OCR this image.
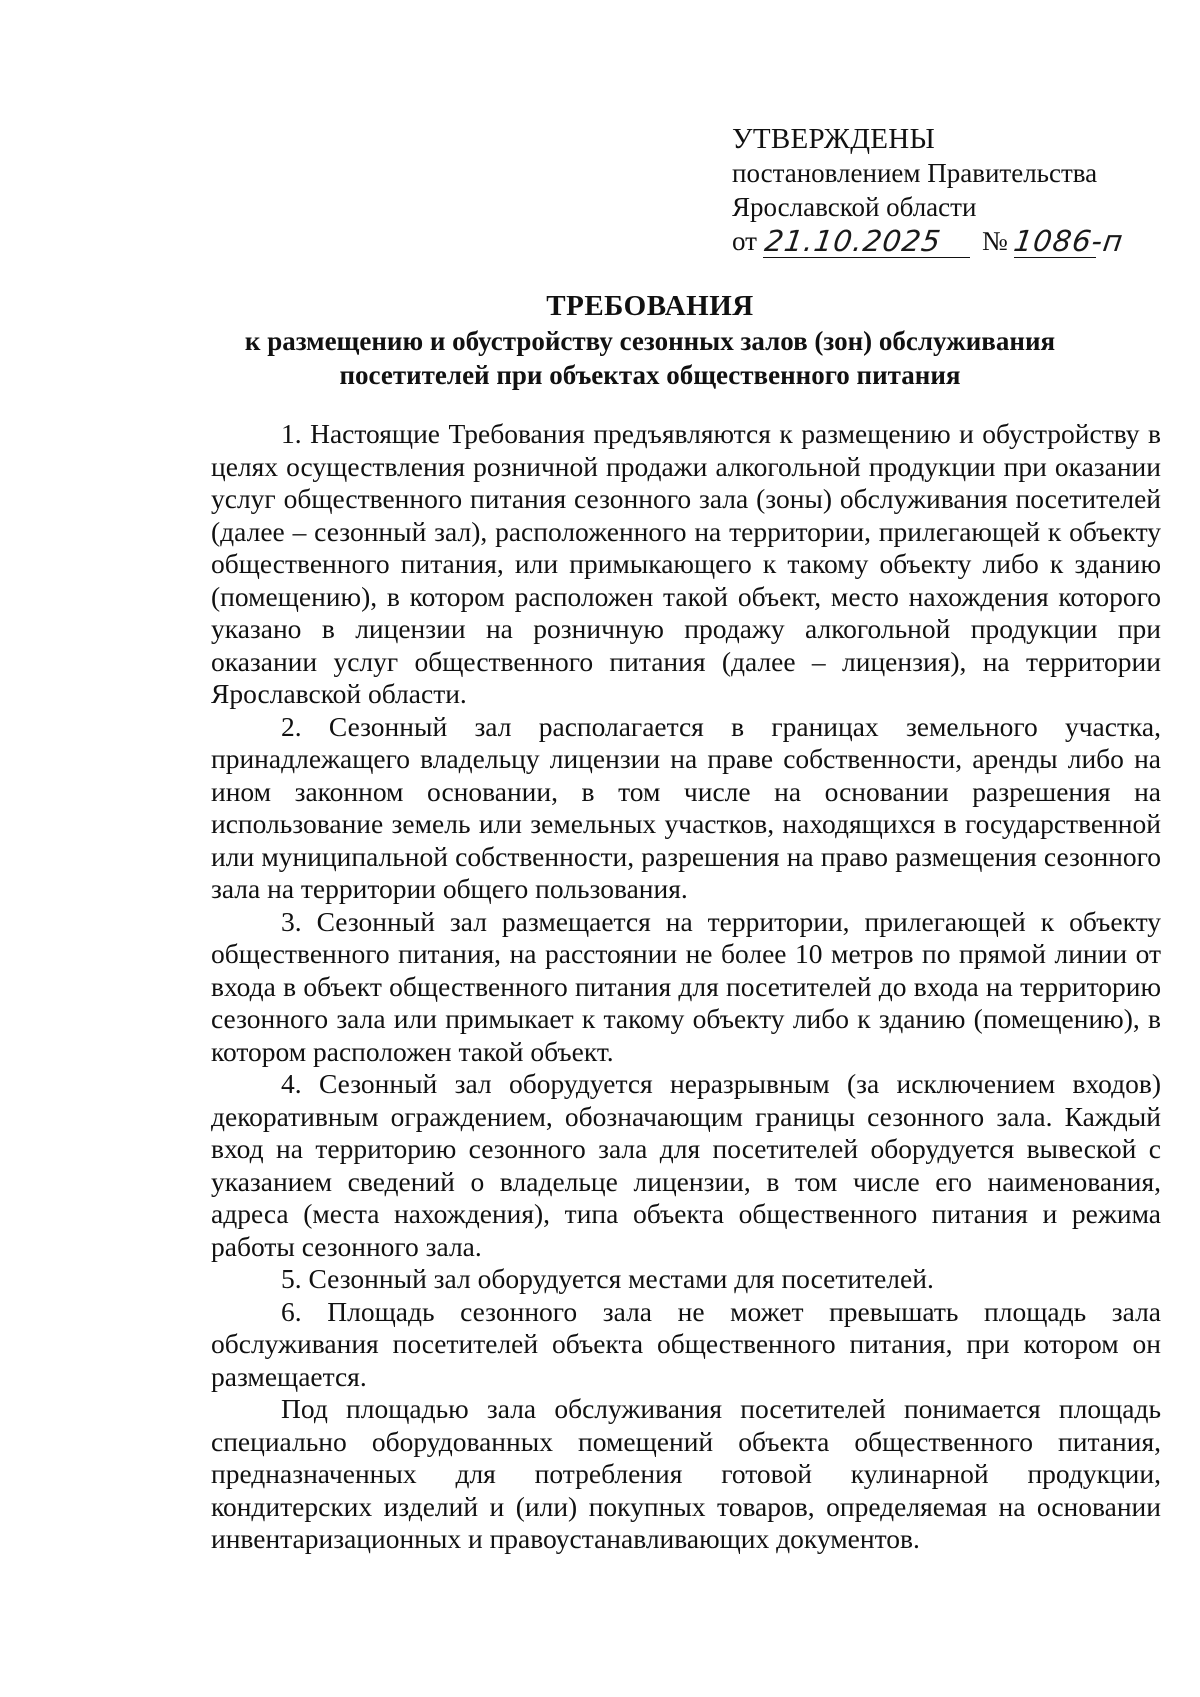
УТВЕРЖДЕНЫ
постановлением Правительства
Ярославской области
от 21.10.2025	№ 1086-п
ТРЕБОВАНИЯ
к размещению и обустройству сезонных залов (зон) обслуживания
посетителей при объектах общественного питания

1. Настоящие Требования предъявляются к размещению и обустройству в целях осуществления розничной продажи алкогольной продукции при оказании услуг общественного питания сезонного зала (зоны) обслуживания посетителей (далее – сезонный зал), расположенного на территории, прилегающей к объекту общественного питания, или примыкающего к такому объекту либо к зданию (помещению), в котором расположен такой объект, место нахождения которого указано в лицензии на розничную продажу алкогольной продукции при оказании услуг общественного питания (далее – лицензия), на территории Ярославской области.

2. Сезонный зал располагается в границах земельного участка, принадлежащего владельцу лицензии на праве собственности, аренды либо на ином законном основании, в том числе на основании разрешения на использование земель или земельных участков, находящихся в государственной или муниципальной собственности, разрешения на право размещения сезонного зала на территории общего пользования.

3. Сезонный зал размещается на территории, прилегающей к объекту общественного питания, на расстоянии не более 10 метров по прямой линии от входа в объект общественного питания для посетителей до входа на территорию сезонного зала или примыкает к такому объекту либо к зданию (помещению), в котором расположен такой объект.

4. Сезонный зал оборудуется неразрывным (за исключением входов) декоративным ограждением, обозначающим границы сезонного зала. Каждый вход на территорию сезонного зала для посетителей оборудуется вывеской с указанием сведений о владельце лицензии, в том числе его наименования, адреса (места нахождения), типа объекта общественного питания и режима работы сезонного зала.

5. Сезонный зал оборудуется местами для посетителей.

6. Площадь сезонного зала не может превышать площадь зала обслуживания посетителей объекта общественного питания, при котором он размещается.

Под площадью зала обслуживания посетителей понимается площадь специально оборудованных помещений объекта общественного питания, предназначенных для потребления готовой кулинарной продукции, кондитерских изделий и (или) покупных товаров, определяемая на основании инвентаризационных и правоустанавливающих документов.
